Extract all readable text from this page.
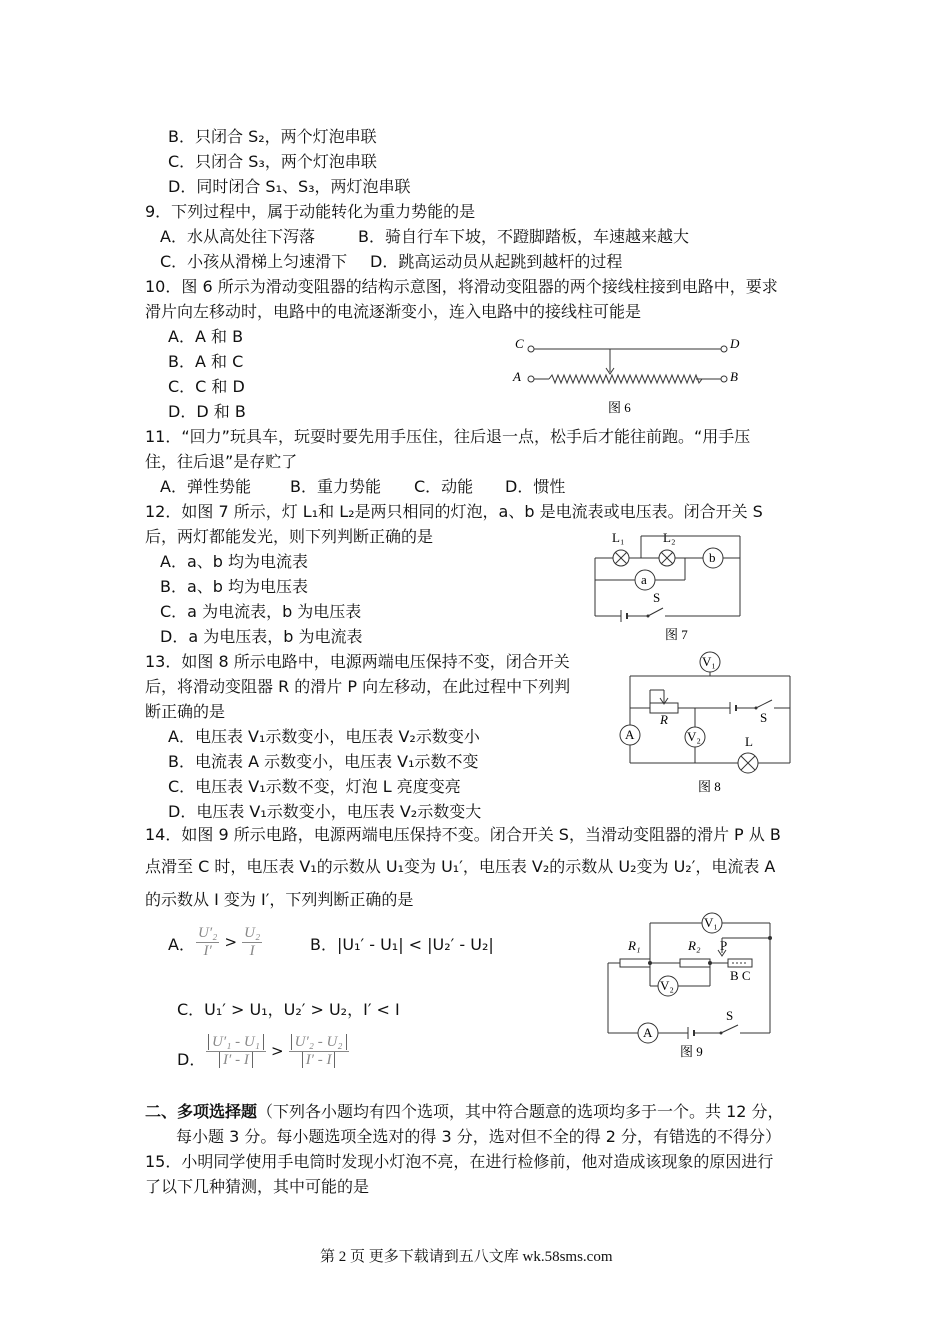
B．只闭合 S₂，两个灯泡串联
C．只闭合 S₃，两个灯泡串联
D．同时闭合 S₁、S₃，两灯泡串联
9．下列过程中，属于动能转化为重力势能的是
A．水从高处往下泻落	B．骑自行车下坡，不蹬脚踏板，车速越来越大
C．小孩从滑梯上匀速滑下 D．跳高运动员从起跳到越杆的过程
10．图 6 所示为滑动变阻器的结构示意图，将滑动变阻器的两个接线柱接到电路中，要求
滑片向左移动时，电路中的电流逐渐变小，连入电路中的接线柱可能是
A．A 和 B
B．A 和 C
C．C 和 D
D．D 和 B
C	D
A	B
图 6
11．“回力”玩具车，玩耍时要先用手压住，往后退一点，松手后才能往前跑。“用手压
住，往后退”是存贮了
A．弹性势能 B．重力势能 C．动能 D．惯性
12．如图 7 所示，灯 L₁和 L₂是两只相同的灯泡，a、b 是电流表或电压表。闭合开关 S
后，两灯都能发光，则下列判断正确的是
A．a、b 均为电流表
B．a、b 均为电压表
C．a 为电流表，b 为电压表
D．a 为电压表，b 为电流表
L₁	L₂
b
a
S
图 7
13．如图 8 所示电路中，电源两端电压保持不变，闭合开关
后，将滑动变阻器 R 的滑片 P 向左移动，在此过程中下列判
断正确的是
A．电压表 V₁示数变小，电压表 V₂示数变小
B．电流表 A 示数变小，电压表 V₁示数不变
C．电压表 V₁示数不变，灯泡 L 亮度变亮
D．电压表 V₁示数变小，电压表 V₂示数变大
V₁
R	S
A	V₂	L
图 8
14．如图 9 所示电路，电源两端电压保持不变。闭合开关 S，当滑动变阻器的滑片 P 从 B
点滑至 C 时，电压表 V₁的示数从 U₁变为 U₁′，电压表 V₂的示数从 U₂变为 U₂′，电流表 A
的示数从 I 变为 I′，下列判断正确的是
A． $\frac{\text{U′₂}}{I'} > \frac{\text{U₂}}{I}$	B．|U₁′ - U₁| < |U₂′ - U₂|
C．U₁′ > U₁，U₂′ > U₂，I′ < I
D． $\frac{\text{U′₁ - U₁}}{I' - I} > \frac{\text{U′₂ - U₂}}{I' - I}$
V₁
P
R₁	R₂
B C
V₂
A
S
图 9
二、多项选择题（下列各小题均有四个选项，其中符合题意的选项均多于一个。共 12 分，
每小题 3 分。每小题选项全选对的得 3 分，选对但不全的得 2 分，有错选的不得分）
15．小明同学使用手电筒时发现小灯泡不亮，在进行检修前，他对造成该现象的原因进行
了以下几种猜测，其中可能的是
第 2 页 更多下载请到五八文库 wk.58sms.com
